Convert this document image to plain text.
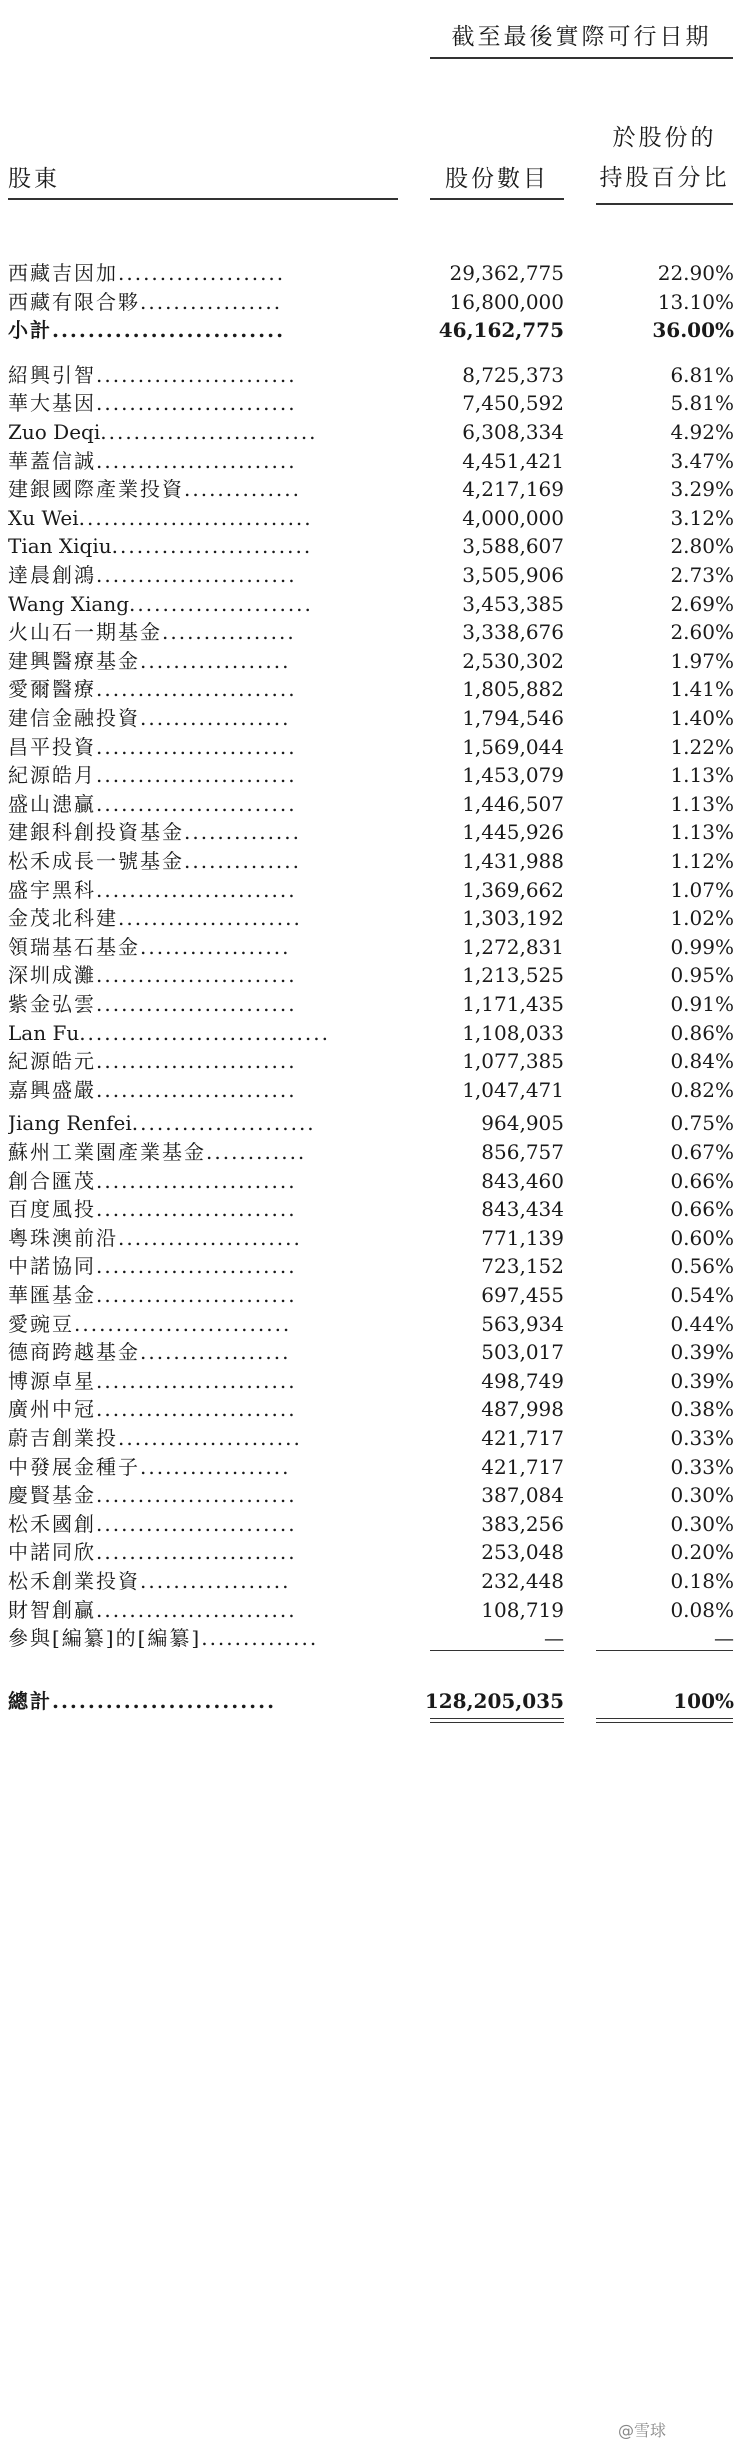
截至最後實際可行日期
股東	股份數目
於股份的
持股百分比
西藏吉因加....................	29,362,775	22.90%
西藏有限合夥.................	16,800,000	13.10%
小計..........................	46,162,775	36.00%
紹興引智........................	8,725,373	6.81%
華大基因........................	7,450,592	5.81%
Zuo Deqi..........................	6,308,334	4.92%
華蓋信誠........................	4,451,421	3.47%
建銀國際產業投資..............	4,217,169	3.29%
Xu Wei............................	4,000,000	3.12%
Tian Xiqiu........................	3,588,607	2.80%
達晨創鴻........................	3,505,906	2.73%
Wang Xiang......................	3,453,385	2.69%
火山石一期基金................	3,338,676	2.60%
建興醫療基金..................	2,530,302	1.97%
愛爾醫療........................	1,805,882	1.41%
建信金融投資..................	1,794,546	1.40%
昌平投資........................	1,569,044	1.22%
紀源皓月........................	1,453,079	1.13%
盛山漶贏........................	1,446,507	1.13%
建銀科創投資基金..............	1,445,926	1.13%
松禾成長一號基金..............	1,431,988	1.12%
盛宇黑科........................	1,369,662	1.07%
金茂北科建......................	1,303,192	1.02%
領瑞基石基金..................	1,272,831	0.99%
深圳成灘........................	1,213,525	0.95%
紫金弘雲........................	1,171,435	0.91%
Lan Fu..............................	1,108,033	0.86%
紀源皓元........................	1,077,385	0.84%
嘉興盛嚴........................	1,047,471	0.82%
Jiang Renfei......................	964,905	0.75%
蘇州工業園產業基金............	856,757	0.67%
創合匯茂........................	843,460	0.66%
百度風投........................	843,434	0.66%
粵珠澳前沿......................	771,139	0.60%
中諾協同........................	723,152	0.56%
華匯基金........................	697,455	0.54%
愛豌豆..........................	563,934	0.44%
德商跨越基金..................	503,017	0.39%
博源卓星........................	498,749	0.39%
廣州中冠........................	487,998	0.38%
蔚吉創業投......................	421,717	0.33%
中發展金種子..................	421,717	0.33%
慶賢基金........................	387,084	0.30%
松禾國創........................	383,256	0.30%
中諾同欣........................	253,048	0.20%
松禾創業投資..................	232,448	0.18%
財智創贏........................	108,719	0.08%
參與[編纂]的[編纂]..............	—	—
總計.........................	128,205,035	100%
@雪球
